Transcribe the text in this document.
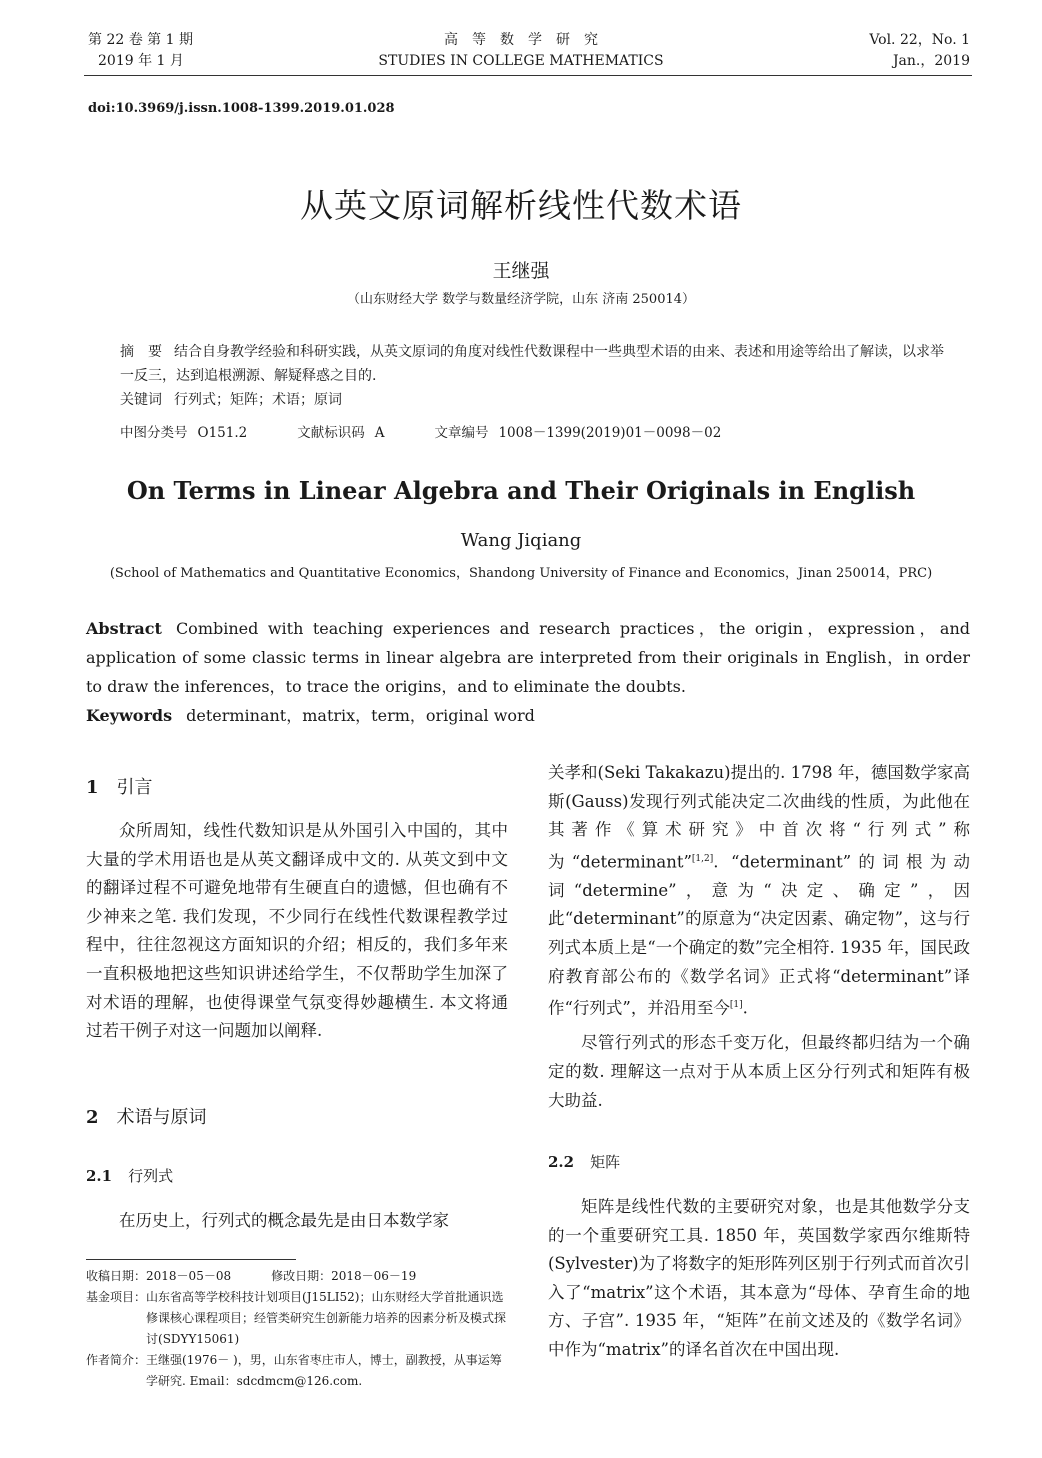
第 22 卷 第 1 期
2019 年 1 月
高　等　数　学　研　究
STUDIES IN COLLEGE MATHEMATICS
Vol. 22，No. 1
Jan.，2019
doi:10.3969/j.issn.1008-1399.2019.01.028
从英文原词解析线性代数术语
王继强
（山东财经大学 数学与数量经济学院，山东 济南 250014）

摘　要 结合自身教学经验和科研实践，从英文原词的角度对线性代数课程中一些典型术语的由来、表述和用途等给出了解读，以求举一反三，达到追根溯源、解疑释惑之目的.

关键词 行列式；矩阵；术语；原词

中图分类号 O151.2	文献标识码 A	文章编号 1008－1399(2019)01－0098－02
On Terms in Linear Algebra and Their Originals in English
Wang Jiqiang
(School of Mathematics and Quantitative Economics，Shandong University of Finance and Economics，Jinan 250014，PRC)

Abstract Combined with teaching experiences and research practices，the origin，expression，and application of some classic terms in linear algebra are interpreted from their originals in English，in order to draw the inferences，to trace the origins，and to eliminate the doubts.

Keywords determinant，matrix，term，original word

1 引言

众所周知，线性代数知识是从外国引入中国的，其中大量的学术用语也是从英文翻译成中文的. 从英文到中文的翻译过程不可避免地带有生硬直白的遗憾，但也确有不少神来之笔. 我们发现，不少同行在线性代数课程教学过程中，往往忽视这方面知识的介绍；相反的，我们多年来一直积极地把这些知识讲述给学生，不仅帮助学生加深了对术语的理解，也使得课堂气氛变得妙趣横生. 本文将通过若干例子对这一问题加以阐释.

2 术语与原词
2.1 行列式

在历史上，行列式的概念最先是由日本数学家

收稿日期： 2018－05－08	修改日期： 2018－06－19
基金项目： 山东省高等学校科技计划项目(J15LI52)；山东财经大学首批通识选修课核心课程项目；经管类研究生创新能力培养的因素分析及模式探讨(SDYY15061)
作者简介： 王继强(1976－ )，男，山东省枣庄市人，博士，副教授，从事运筹学研究. Email：sdcdmcm@126.com.

关孝和(Seki Takakazu)提出的. 1798 年，德国数学家高斯(Gauss)发现行列式能决定二次曲线的性质，为此他在其著作《算术研究》中首次将“行列式”称为“determinant”[1,2]. “determinant”的词根为动词“determine”，意为“决定、确定”，因此“determinant”的原意为“决定因素、确定物”，这与行列式本质上是“一个确定的数”完全相符. 1935 年，国民政府教育部公布的《数学名词》正式将“determinant”译作“行列式”，并沿用至今[1].

尽管行列式的形态千变万化，但最终都归结为一个确定的数. 理解这一点对于从本质上区分行列式和矩阵有极大助益.

2.2 矩阵

矩阵是线性代数的主要研究对象，也是其他数学分支的一个重要研究工具. 1850 年，英国数学家西尔维斯特(Sylvester)为了将数字的矩形阵列区别于行列式而首次引入了“matrix”这个术语，其本意为“母体、孕育生命的地方、子宫”. 1935 年，“矩阵”在前文述及的《数学名词》中作为“matrix”的译名首次在中国出现.
